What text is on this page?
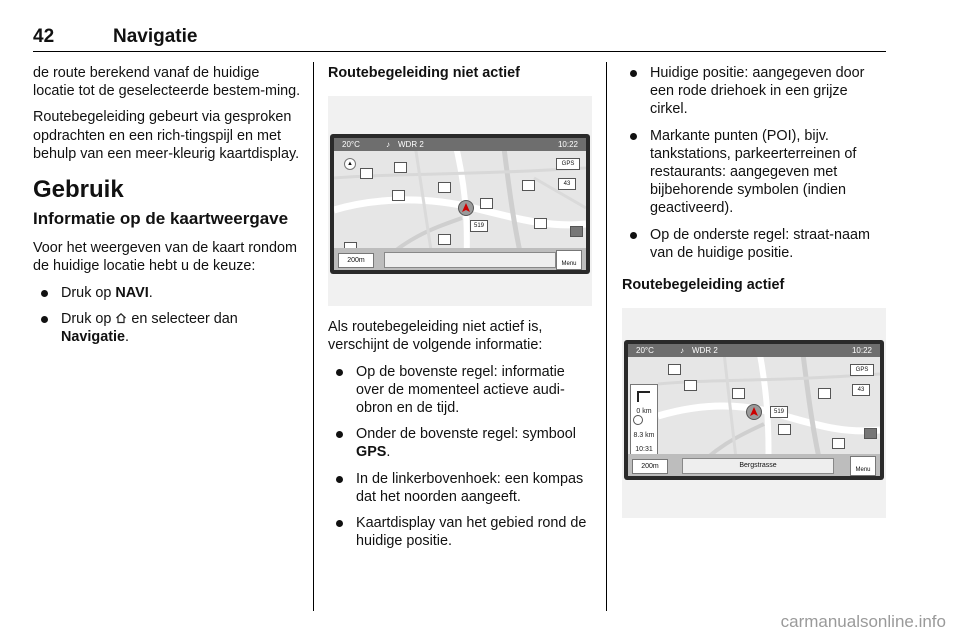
42	Navigatie

de route berekend vanaf de huidige locatie tot de geselecteerde bestem-ming.

Routebegeleiding gebeurt via gesproken opdrachten en een rich-tingspijl en met behulp van een meer-kleurig kaartdisplay.

Gebruik
Informatie op de kaartweergave

Voor het weergeven van de kaart rondom de huidige locatie hebt u de keuze:

Druk op NAVI.
Druk op  en selecteer dan
Navigatie.
Routebegeleiding niet actief
20°C	♪ WDR 2	10:22
▲	GPS
43
519
200m	Menu

Als routebegeleiding niet actief is, verschijnt de volgende informatie:

Op de bovenste regel: informatie over de momenteel actieve audi-obron en de tijd.
Onder de bovenste regel: symbool GPS.
In de linkerbovenhoek: een kompas dat het noorden aangeeft.
Kaartdisplay van het gebied rond de huidige positie.
Huidige positie: aangegeven door een rode driehoek in een grijze cirkel.
Markante punten (POI), bijv. tankstations, parkeerterreinen of restaurants: aangegeven met bijbehorende symbolen (indien geactiveerd).
Op de onderste regel: straat-naam van de huidige positie.
Routebegeleiding actief
20°C	♪ WDR 2	10:22
0 km
8.3 km
10:31
GPS
43
519
200m	Bergstrasse
Menu
carmanualsonline.info
